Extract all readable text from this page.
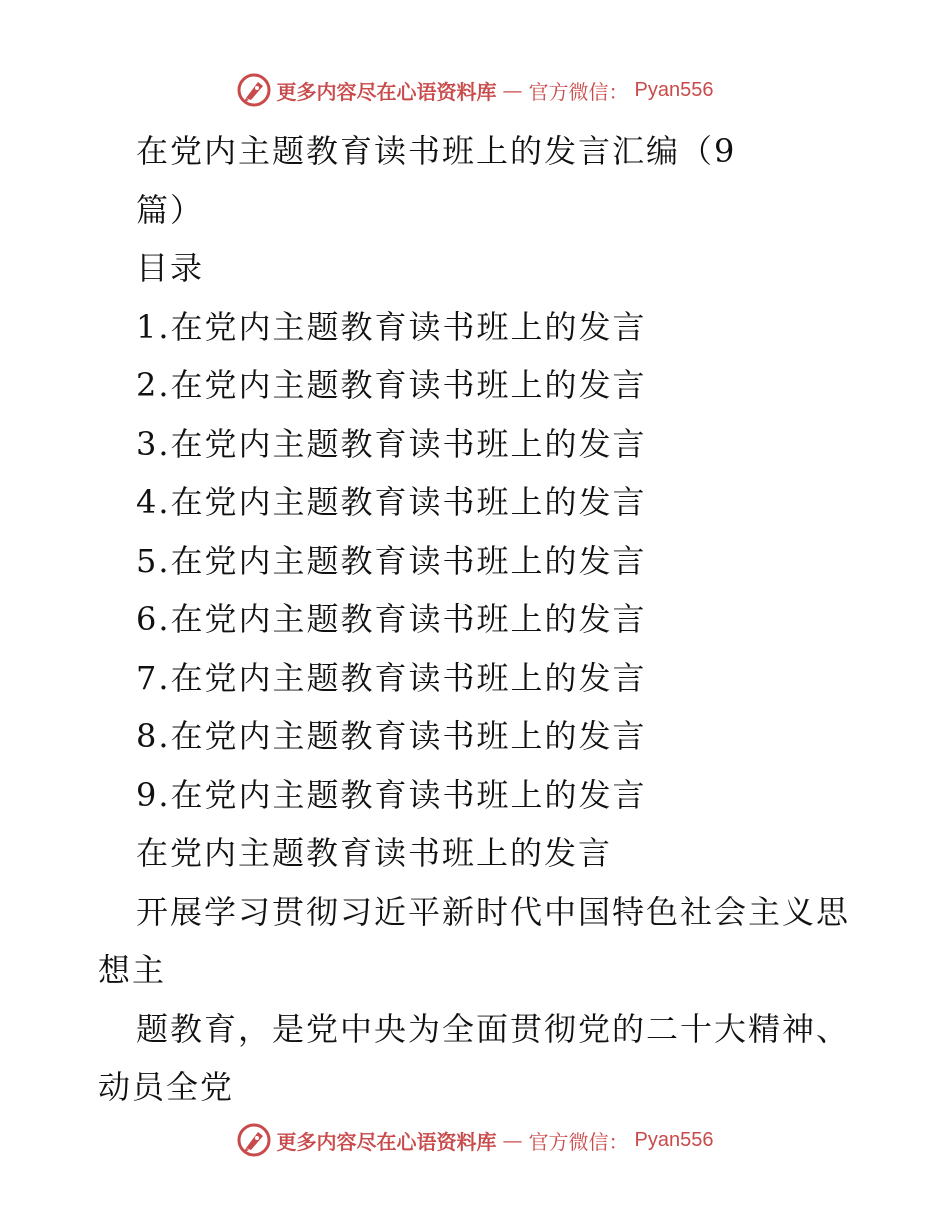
更多内容尽在心语资料库 — 官方微信： Pyan556
在党内主题教育读书班上的发言汇编（9
篇）
目录
1.在党内主题教育读书班上的发言
2.在党内主题教育读书班上的发言
3.在党内主题教育读书班上的发言
4.在党内主题教育读书班上的发言
5.在党内主题教育读书班上的发言
6.在党内主题教育读书班上的发言
7.在党内主题教育读书班上的发言
8.在党内主题教育读书班上的发言
9.在党内主题教育读书班上的发言
在党内主题教育读书班上的发言
开展学习贯彻习近平新时代中国特色社会主义思
想主
题教育，是党中央为全面贯彻党的二十大精神、
动员全党
更多内容尽在心语资料库 — 官方微信： Pyan556
